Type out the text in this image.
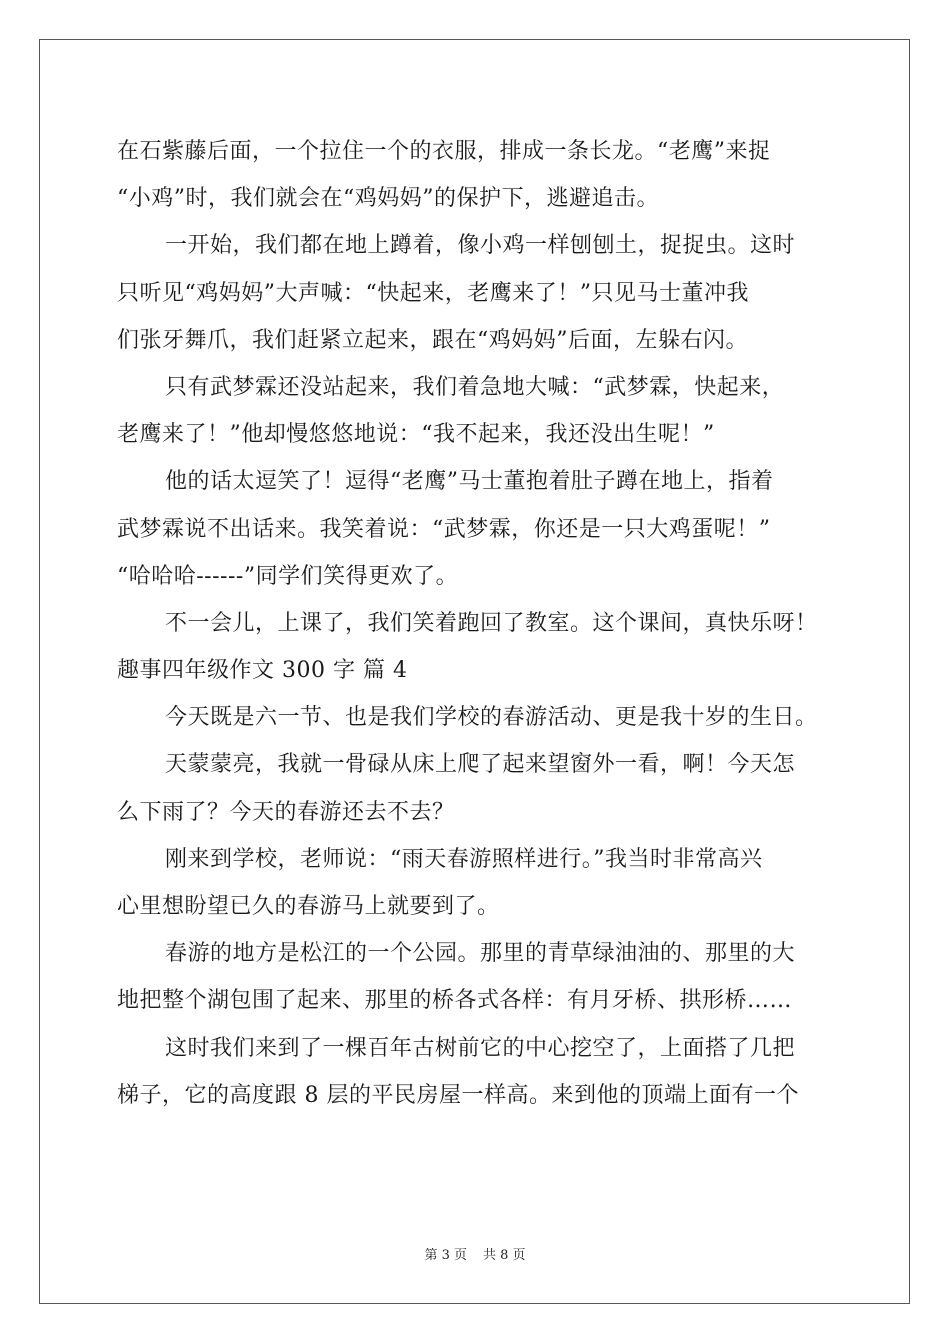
在石紫藤后面，一个拉住一个的衣服，排成一条长龙。“老鹰”来捉
“小鸡”时，我们就会在“鸡妈妈”的保护下，逃避追击。
一开始，我们都在地上蹲着，像小鸡一样刨刨土，捉捉虫。这时
只听见“鸡妈妈”大声喊：“快起来，老鹰来了！”只见马士董冲我
们张牙舞爪，我们赶紧立起来，跟在“鸡妈妈”后面，左躲右闪。
只有武梦霖还没站起来，我们着急地大喊：“武梦霖，快起来，
老鹰来了！”他却慢悠悠地说：“我不起来，我还没出生呢！”
他的话太逗笑了！逗得“老鹰”马士董抱着肚子蹲在地上，指着
武梦霖说不出话来。我笑着说：“武梦霖，你还是一只大鸡蛋呢！”
“哈哈哈------”同学们笑得更欢了。
不一会儿，上课了，我们笑着跑回了教室。这个课间，真快乐呀！
趣事四年级作文 300 字 篇 4
今天既是六一节、也是我们学校的春游活动、更是我十岁的生日。
天蒙蒙亮，我就一骨碌从床上爬了起来望窗外一看，啊！今天怎
么下雨了？今天的春游还去不去？
刚来到学校，老师说：“雨天春游照样进行。”我当时非常高兴
心里想盼望已久的春游马上就要到了。
春游的地方是松江的一个公园。那里的青草绿油油的、那里的大
地把整个湖包围了起来、那里的桥各式各样：有月牙桥、拱形桥……
这时我们来到了一棵百年古树前它的中心挖空了，上面搭了几把
梯子，它的高度跟 8 层的平民房屋一样高。来到他的顶端上面有一个
第 3 页 共 8 页
